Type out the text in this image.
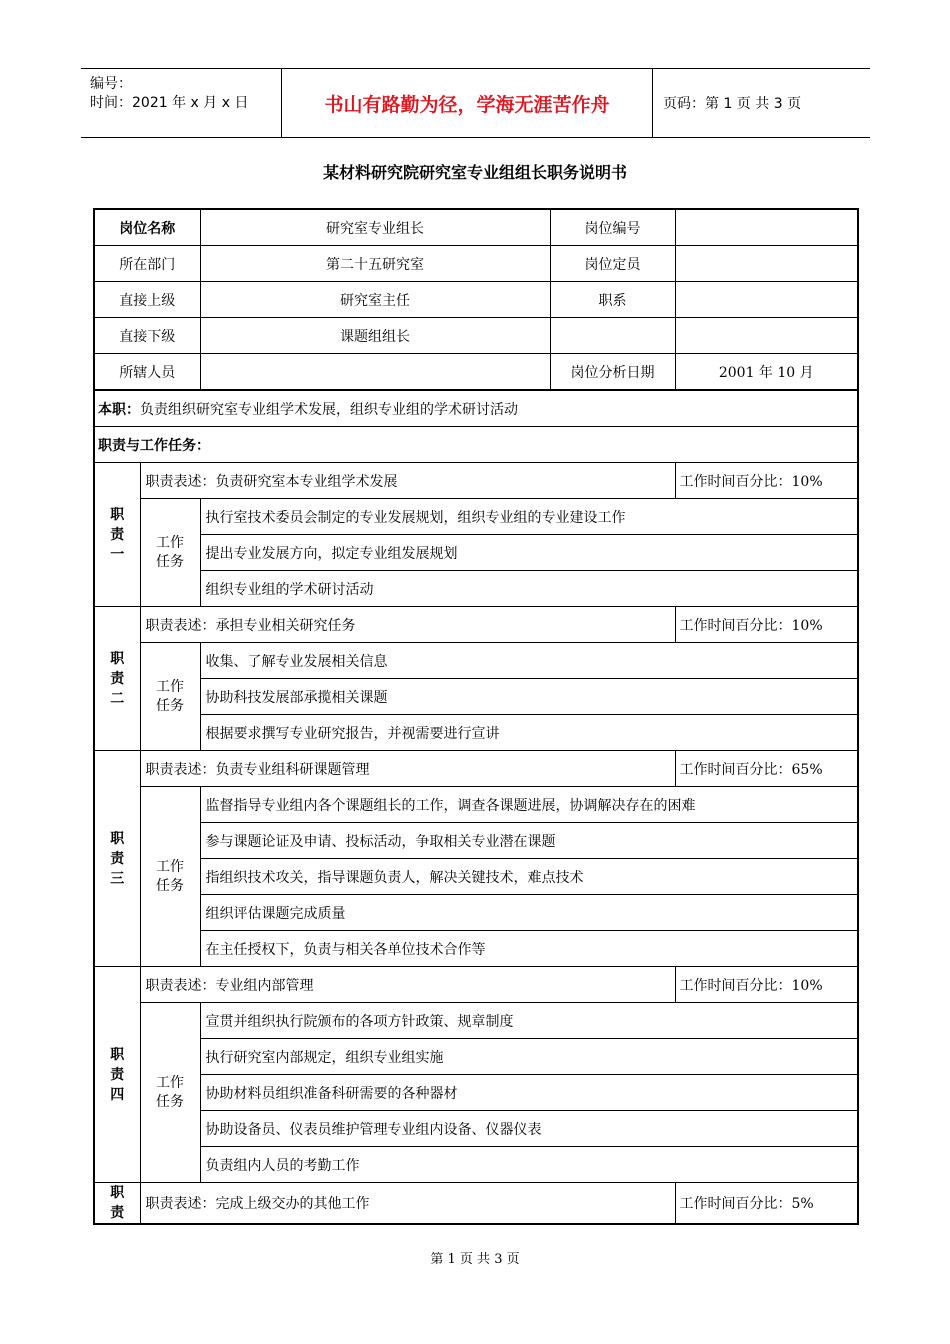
编号：
时间：2021 年 x 月 x 日	书山有路勤为径，学海无涯苦作舟	页码：第 1 页 共 3 页
某材料研究院研究室专业组组长职务说明书
岗位名称		研究室专业组长	岗位编号	
所在部门		第二十五研究室	岗位定员	
直接上级		研究室主任	职系	
直接下级		课题组组长		
所辖人员			岗位分析日期	2001 年 10 月
本职：负责组织研究室专业组学术发展，组织专业组的学术研讨活动				
职责与工作任务：				

职
责
一	职责表述：负责研究室本专业组学术发展			工作时间百分比：10%

	工作
任务	执行室技术委员会制定的专业发展规划，组织专业组的专业建设工作		
		提出专业发展方向，拟定专业组发展规划		
		组织专业组的学术研讨活动		

职
责
二	职责表述：承担专业相关研究任务			工作时间百分比：10%

	工作
任务	收集、了解专业发展相关信息		
		协助科技发展部承揽相关课题		
		根据要求撰写专业研究报告，并视需要进行宣讲		

职
责
三	职责表述：负责专业组科研课题管理			工作时间百分比：65%

	工作
任务	监督指导专业组内各个课题组长的工作，调查各课题进展，协调解决存在的困难		
		参与课题论证及申请、投标活动，争取相关专业潜在课题		
		指组织技术攻关，指导课题负责人，解决关键技术，难点技术		
		组织评估课题完成质量		
		在主任授权下，负责与相关各单位技术合作等		

职
责
四	职责表述：专业组内部管理			工作时间百分比：10%

	工作
任务	宣贯并组织执行院颁布的各项方针政策、规章制度		
		执行研究室内部规定，组织专业组实施		
		协助材料员组织准备科研需要的各种器材		
		协助设备员、仪表员维护管理专业组内设备、仪器仪表		
		负责组内人员的考勤工作		

职
责	职责表述：完成上级交办的其他工作			工作时间百分比：5%
第 1 页 共 3 页
